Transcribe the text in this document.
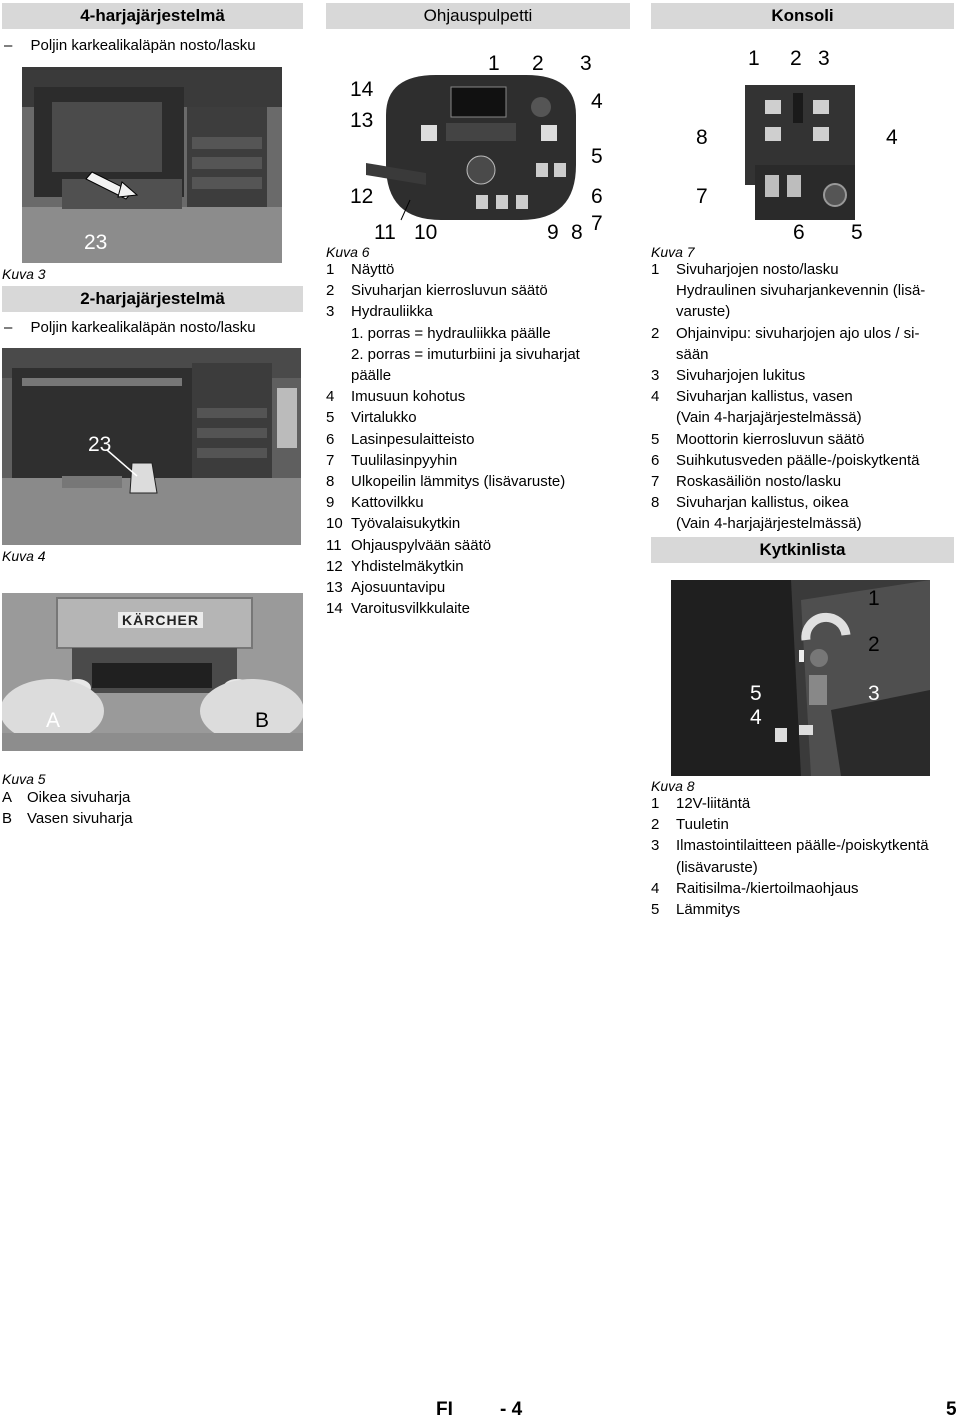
4-harjajärjestelmä
– Poljin karkealikaläpän nosto/lasku
23
Kuva 3
2-harjajärjestelmä
– Poljin karkealikaläpän nosto/lasku
23
Kuva 4
KÄRCHER
A	B
Kuva 5
A Oikea sivuharja
B Vasen sivuharja
Ohjauspulpetti
1 2 3
4
5
6
7
8
9
10
11
12
13
14
Kuva 6
1 Näyttö
2 Sivuharjan kierrosluvun säätö
3 Hydrauliikka
1. porras = hydrauliikka päälle
2. porras = imuturbiini ja sivuharjat
päälle
4 Imusuun kohotus
5 Virtalukko
6 Lasinpesulaitteisto
7 Tuulilasinpyyhin
8 Ulkopeilin lämmitys (lisävaruste)
9 Kattovilkku
10 Työvalaisukytkin
11 Ohjauspylvään säätö
12 Yhdistelmäkytkin
13 Ajosuuntavipu
14 Varoitusvilkkulaite
Konsoli
1 2 3
4
5
6
7
8
Kuva 7
1 Sivuharjojen nosto/lasku
Hydraulinen sivuharjankevennin (lisä-
varuste)
2 Ohjainvipu: sivuharjojen ajo ulos / si-
sään
3 Sivuharjojen lukitus
4 Sivuharjan kallistus, vasen
(Vain 4-harjajärjestelmässä)
5 Moottorin kierrosluvun säätö
6 Suihkutusveden päälle-/poiskytkentä
7 Roskasäiliön nosto/lasku
8 Sivuharjan kallistus, oikea
(Vain 4-harjajärjestelmässä)
Kytkinlista
1
2
3
4
5
Kuva 8
1 12V-liitäntä
2 Tuuletin
3 Ilmastointilaitteen päälle-/poiskytkentä
(lisävaruste)
4 Raitisilma-/kiertoilmaohjaus
5 Lämmitys
FI - 4	5
